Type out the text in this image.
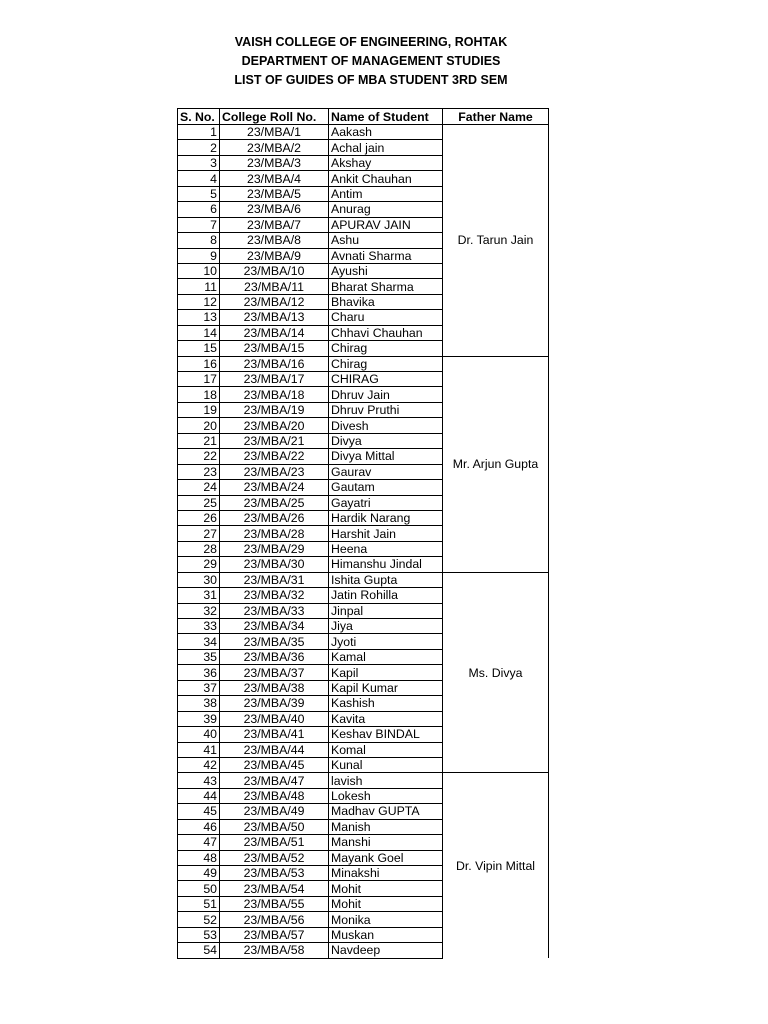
VAISH COLLEGE OF ENGINEERING, ROHTAK
DEPARTMENT OF MANAGEMENT STUDIES
LIST OF GUIDES OF MBA STUDENT 3RD SEM
S. No.	College Roll No.	Name of Student	Father Name
1	23/MBA/1	Aakash	Dr. Tarun Jain
2	23/MBA/2	Achal jain	
3	23/MBA/3	Akshay	
4	23/MBA/4	Ankit Chauhan	
5	23/MBA/5	Antim	
6	23/MBA/6	Anurag	
7	23/MBA/7	APURAV JAIN	
8	23/MBA/8	Ashu	
9	23/MBA/9	Avnati Sharma	
10	23/MBA/10	Ayushi	
11	23/MBA/11	Bharat Sharma	
12	23/MBA/12	Bhavika	
13	23/MBA/13	Charu	
14	23/MBA/14	Chhavi Chauhan	
15	23/MBA/15	Chirag	
16	23/MBA/16	Chirag	Mr. Arjun Gupta
17	23/MBA/17	CHIRAG	
18	23/MBA/18	Dhruv Jain	
19	23/MBA/19	Dhruv Pruthi	
20	23/MBA/20	Divesh	
21	23/MBA/21	Divya	
22	23/MBA/22	Divya Mittal	
23	23/MBA/23	Gaurav	
24	23/MBA/24	Gautam	
25	23/MBA/25	Gayatri	
26	23/MBA/26	Hardik Narang	
27	23/MBA/28	Harshit Jain	
28	23/MBA/29	Heena	
29	23/MBA/30	Himanshu Jindal	
30	23/MBA/31	Ishita Gupta	Ms. Divya
31	23/MBA/32	Jatin Rohilla	
32	23/MBA/33	Jinpal	
33	23/MBA/34	Jiya	
34	23/MBA/35	Jyoti	
35	23/MBA/36	Kamal	
36	23/MBA/37	Kapil	
37	23/MBA/38	Kapil Kumar	
38	23/MBA/39	Kashish	
39	23/MBA/40	Kavita	
40	23/MBA/41	Keshav BINDAL	
41	23/MBA/44	Komal	
42	23/MBA/45	Kunal	
43	23/MBA/47	lavish	Dr. Vipin Mittal
44	23/MBA/48	Lokesh	
45	23/MBA/49	Madhav GUPTA	
46	23/MBA/50	Manish	
47	23/MBA/51	Manshi	
48	23/MBA/52	Mayank Goel	
49	23/MBA/53	Minakshi	
50	23/MBA/54	Mohit	
51	23/MBA/55	Mohit	
52	23/MBA/56	Monika	
53	23/MBA/57	Muskan	
54	23/MBA/58	Navdeep	
